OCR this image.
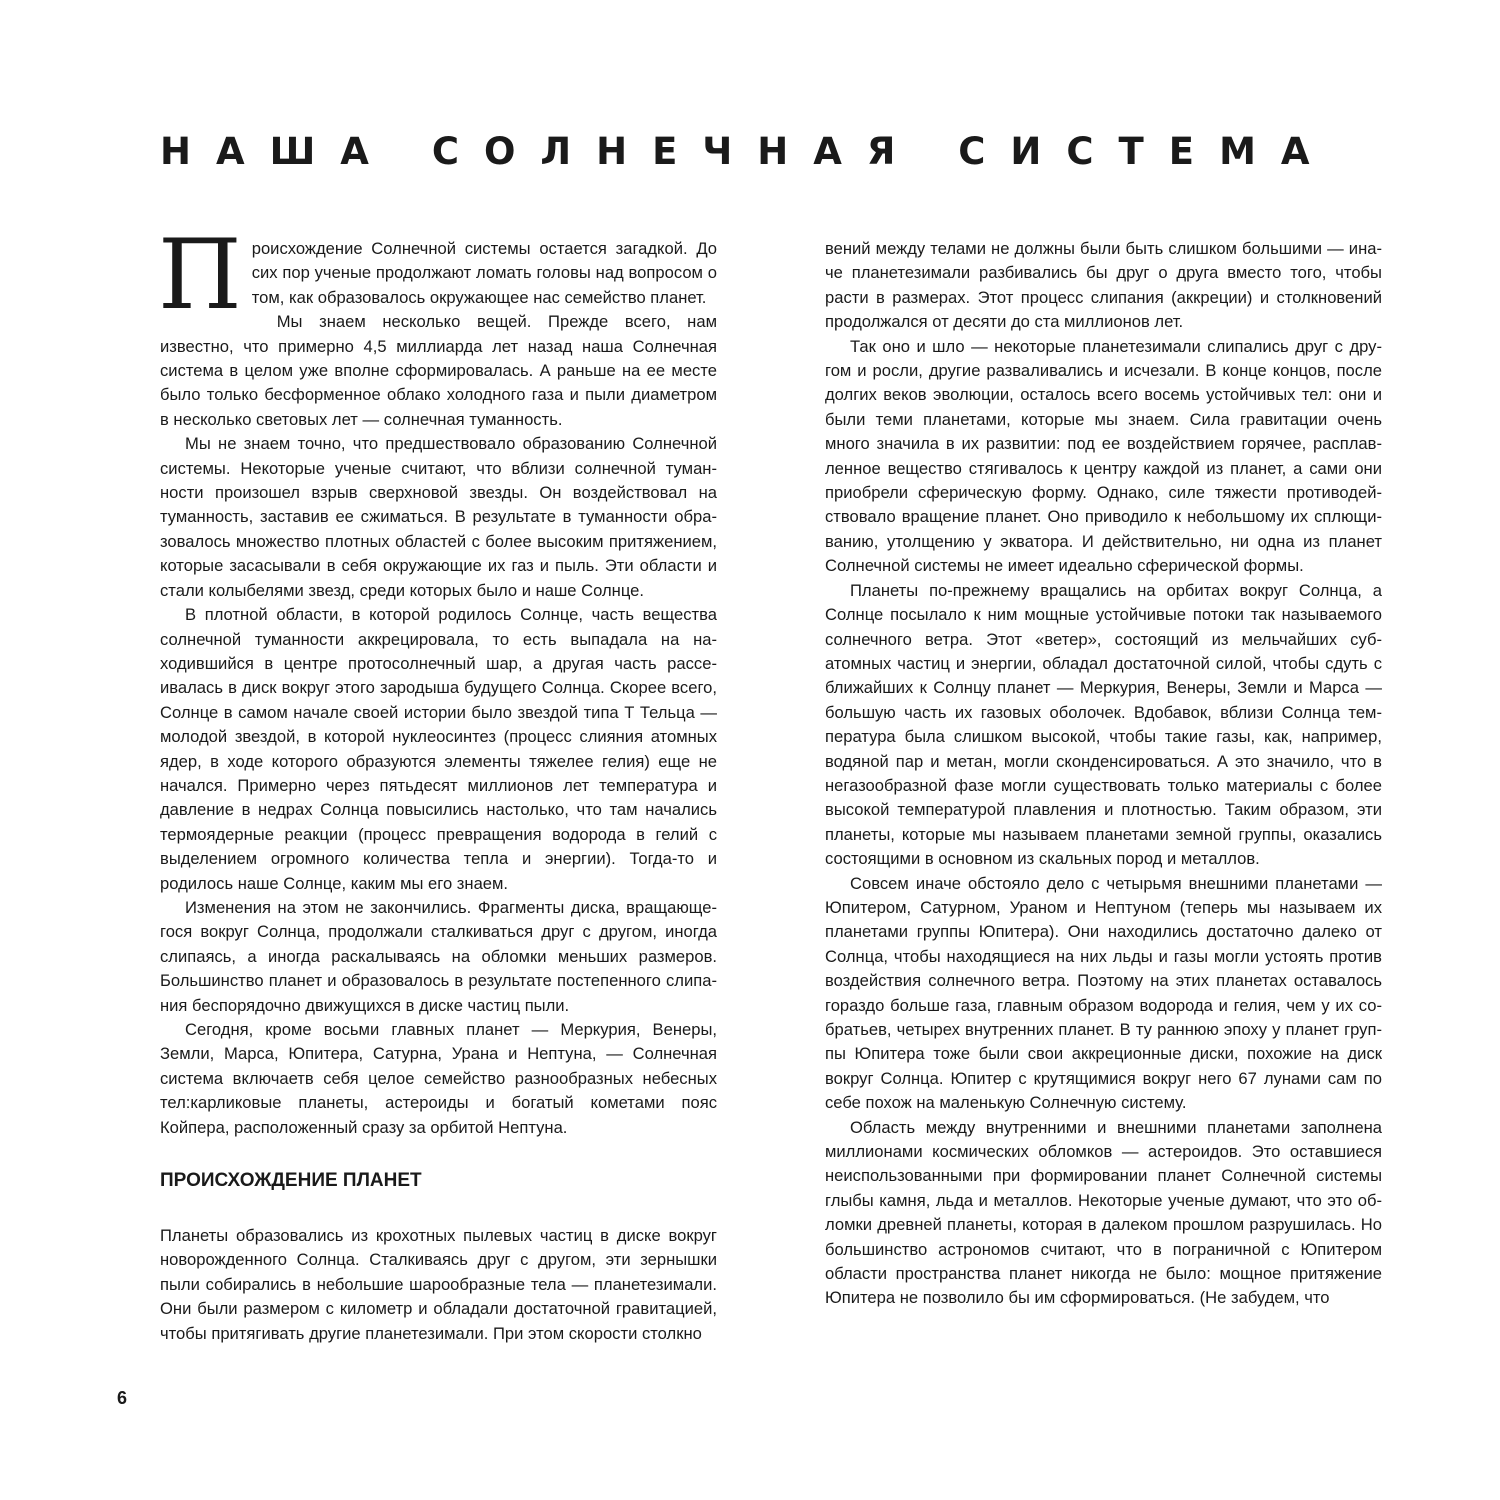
НАША СОЛНЕЧНАЯ СИСТЕМА

Происхождение Солнечной системы остается загадкой. До сих пор ученые продолжают ломать головы над вопросом о том, как образовалось окружающее нас семейство планет.

Мы знаем несколько вещей. Прежде всего, нам известно, что примерно 4,5 миллиарда лет назад наша Солнечная система в целом уже вполне сформировалась. А раньше на ее месте было только бесформенное облако холодного газа и пыли диаметром в несколько световых лет — солнечная туманность.

Мы не знаем точно, что предшествовало образованию Солнечной системы. Некоторые ученые считают, что вблизи солнечной туманности произошел взрыв сверхновой звезды. Он воздействовал на туманность, заставив ее сжиматься. В результате в туманности образовалось множество плотных областей с более высоким притяжением, которые засасывали в себя окружающие их газ и пыль. Эти области и стали колыбелями звезд, среди которых было и наше Солнце.

В плотной области, в которой родилось Солнце, часть вещества солнечной туманности аккрецировала, то есть выпадала на находившийся в центре протосолнечный шар, а другая часть рассеивалась в диск вокруг этого зародыша будущего Солнца. Скорее всего, Солнце в самом начале своей истории было звездой типа Т Тельца — молодой звездой, в которой нуклеосинтез (процесс слияния атомных ядер, в ходе которого образуются элементы тяжелее гелия) еще не начался. Примерно через пятьдесят миллионов лет температура и давление в недрах Солнца повысились настолько, что там начались термоядерные реакции (процесс превращения водорода в гелий с выделением огромного количества тепла и энергии). Тогда-то и родилось наше Солнце, каким мы его знаем.

Изменения на этом не закончились. Фрагменты диска, вращающегося вокруг Солнца, продолжали сталкиваться друг с другом, иногда слипаясь, а иногда раскалываясь на обломки меньших размеров. Большинство планет и образовалось в результате постепенного слипания беспорядочно движущихся в диске частиц пыли.

Сегодня, кроме восьми главных планет — Меркурия, Венеры, Земли, Марса, Юпитера, Сатурна, Урана и Нептуна, — Солнечная система включаетв себя целое семейство разнообразных небесных тел:карликовые планеты, астероиды и богатый кометами пояс Койпера, расположенный сразу за орбитой Нептуна.

ПРОИСХОЖДЕНИЕ ПЛАНЕТ

Планеты образовались из крохотных пылевых частиц в диске вокруг новорожденного Солнца. Сталкиваясь друг с другом, эти зернышки пыли собирались в небольшие шарообразные тела — планетезимали. Они были размером с километр и обладали достаточной гравитацией, чтобы притягивать другие планетезимали. При этом скорости столкно

вений между телами не должны были быть слишком большими — иначе планетезимали разбивались бы друг о друга вместо того, чтобы расти в размерах. Этот процесс слипания (аккреции) и столкновений продолжался от десяти до ста миллионов лет.

Так оно и шло — некоторые планетезимали слипались друг с другом и росли, другие разваливались и исчезали. В конце концов, после долгих веков эволюции, осталось всего восемь устойчивых тел: они и были теми планетами, которые мы знаем. Сила гравитации очень много значила в их развитии: под ее воздействием горячее, расплавленное вещество стягивалось к центру каждой из планет, а сами они приобрели сферическую форму. Однако, силе тяжести противодействовало вращение планет. Оно приводило к небольшому их сплющиванию, утолщению у экватора. И действительно, ни одна из планет Солнечной системы не имеет идеально сферической формы.

Планеты по-прежнему вращались на орбитах вокруг Солнца, а Солнце посылало к ним мощные устойчивые потоки так называемого солнечного ветра. Этот «ветер», состоящий из мельчайших субатомных частиц и энергии, обладал достаточной силой, чтобы сдуть с ближайших к Солнцу планет — Меркурия, Венеры, Земли и Марса — большую часть их газовых оболочек. Вдобавок, вблизи Солнца температура была слишком высокой, чтобы такие газы, как, например, водяной пар и метан, могли сконденсироваться. А это значило, что в негазообразной фазе могли существовать только материалы с более высокой температурой плавления и плотностью. Таким образом, эти планеты, которые мы называем планетами земной группы, оказались состоящими в основном из скальных пород и металлов.

Совсем иначе обстояло дело с четырьмя внешними планетами — Юпитером, Сатурном, Ураном и Нептуном (теперь мы называем их планетами группы Юпитера). Они находились достаточно далеко от Солнца, чтобы находящиеся на них льды и газы могли устоять против воздействия солнечного ветра. Поэтому на этих планетах оставалось гораздо больше газа, главным образом водорода и гелия, чем у их собратьев, четырех внутренних планет. В ту раннюю эпоху у планет группы Юпитера тоже были свои аккреционные диски, похожие на диск вокруг Солнца. Юпитер с крутящимися вокруг него 67 лунами сам по себе похож на маленькую Солнечную систему.

Область между внутренними и внешними планетами заполнена миллионами космических обломков — астероидов. Это оставшиеся неиспользованными при формировании планет Солнечной системы глыбы камня, льда и металлов. Некоторые ученые думают, что это обломки древней планеты, которая в далеком прошлом разрушилась. Но большинство астрономов считают, что в пограничной с Юпитером области пространства планет никогда не было: мощное притяжение Юпитера не позволило бы им сформироваться. (Не забудем, что

6
